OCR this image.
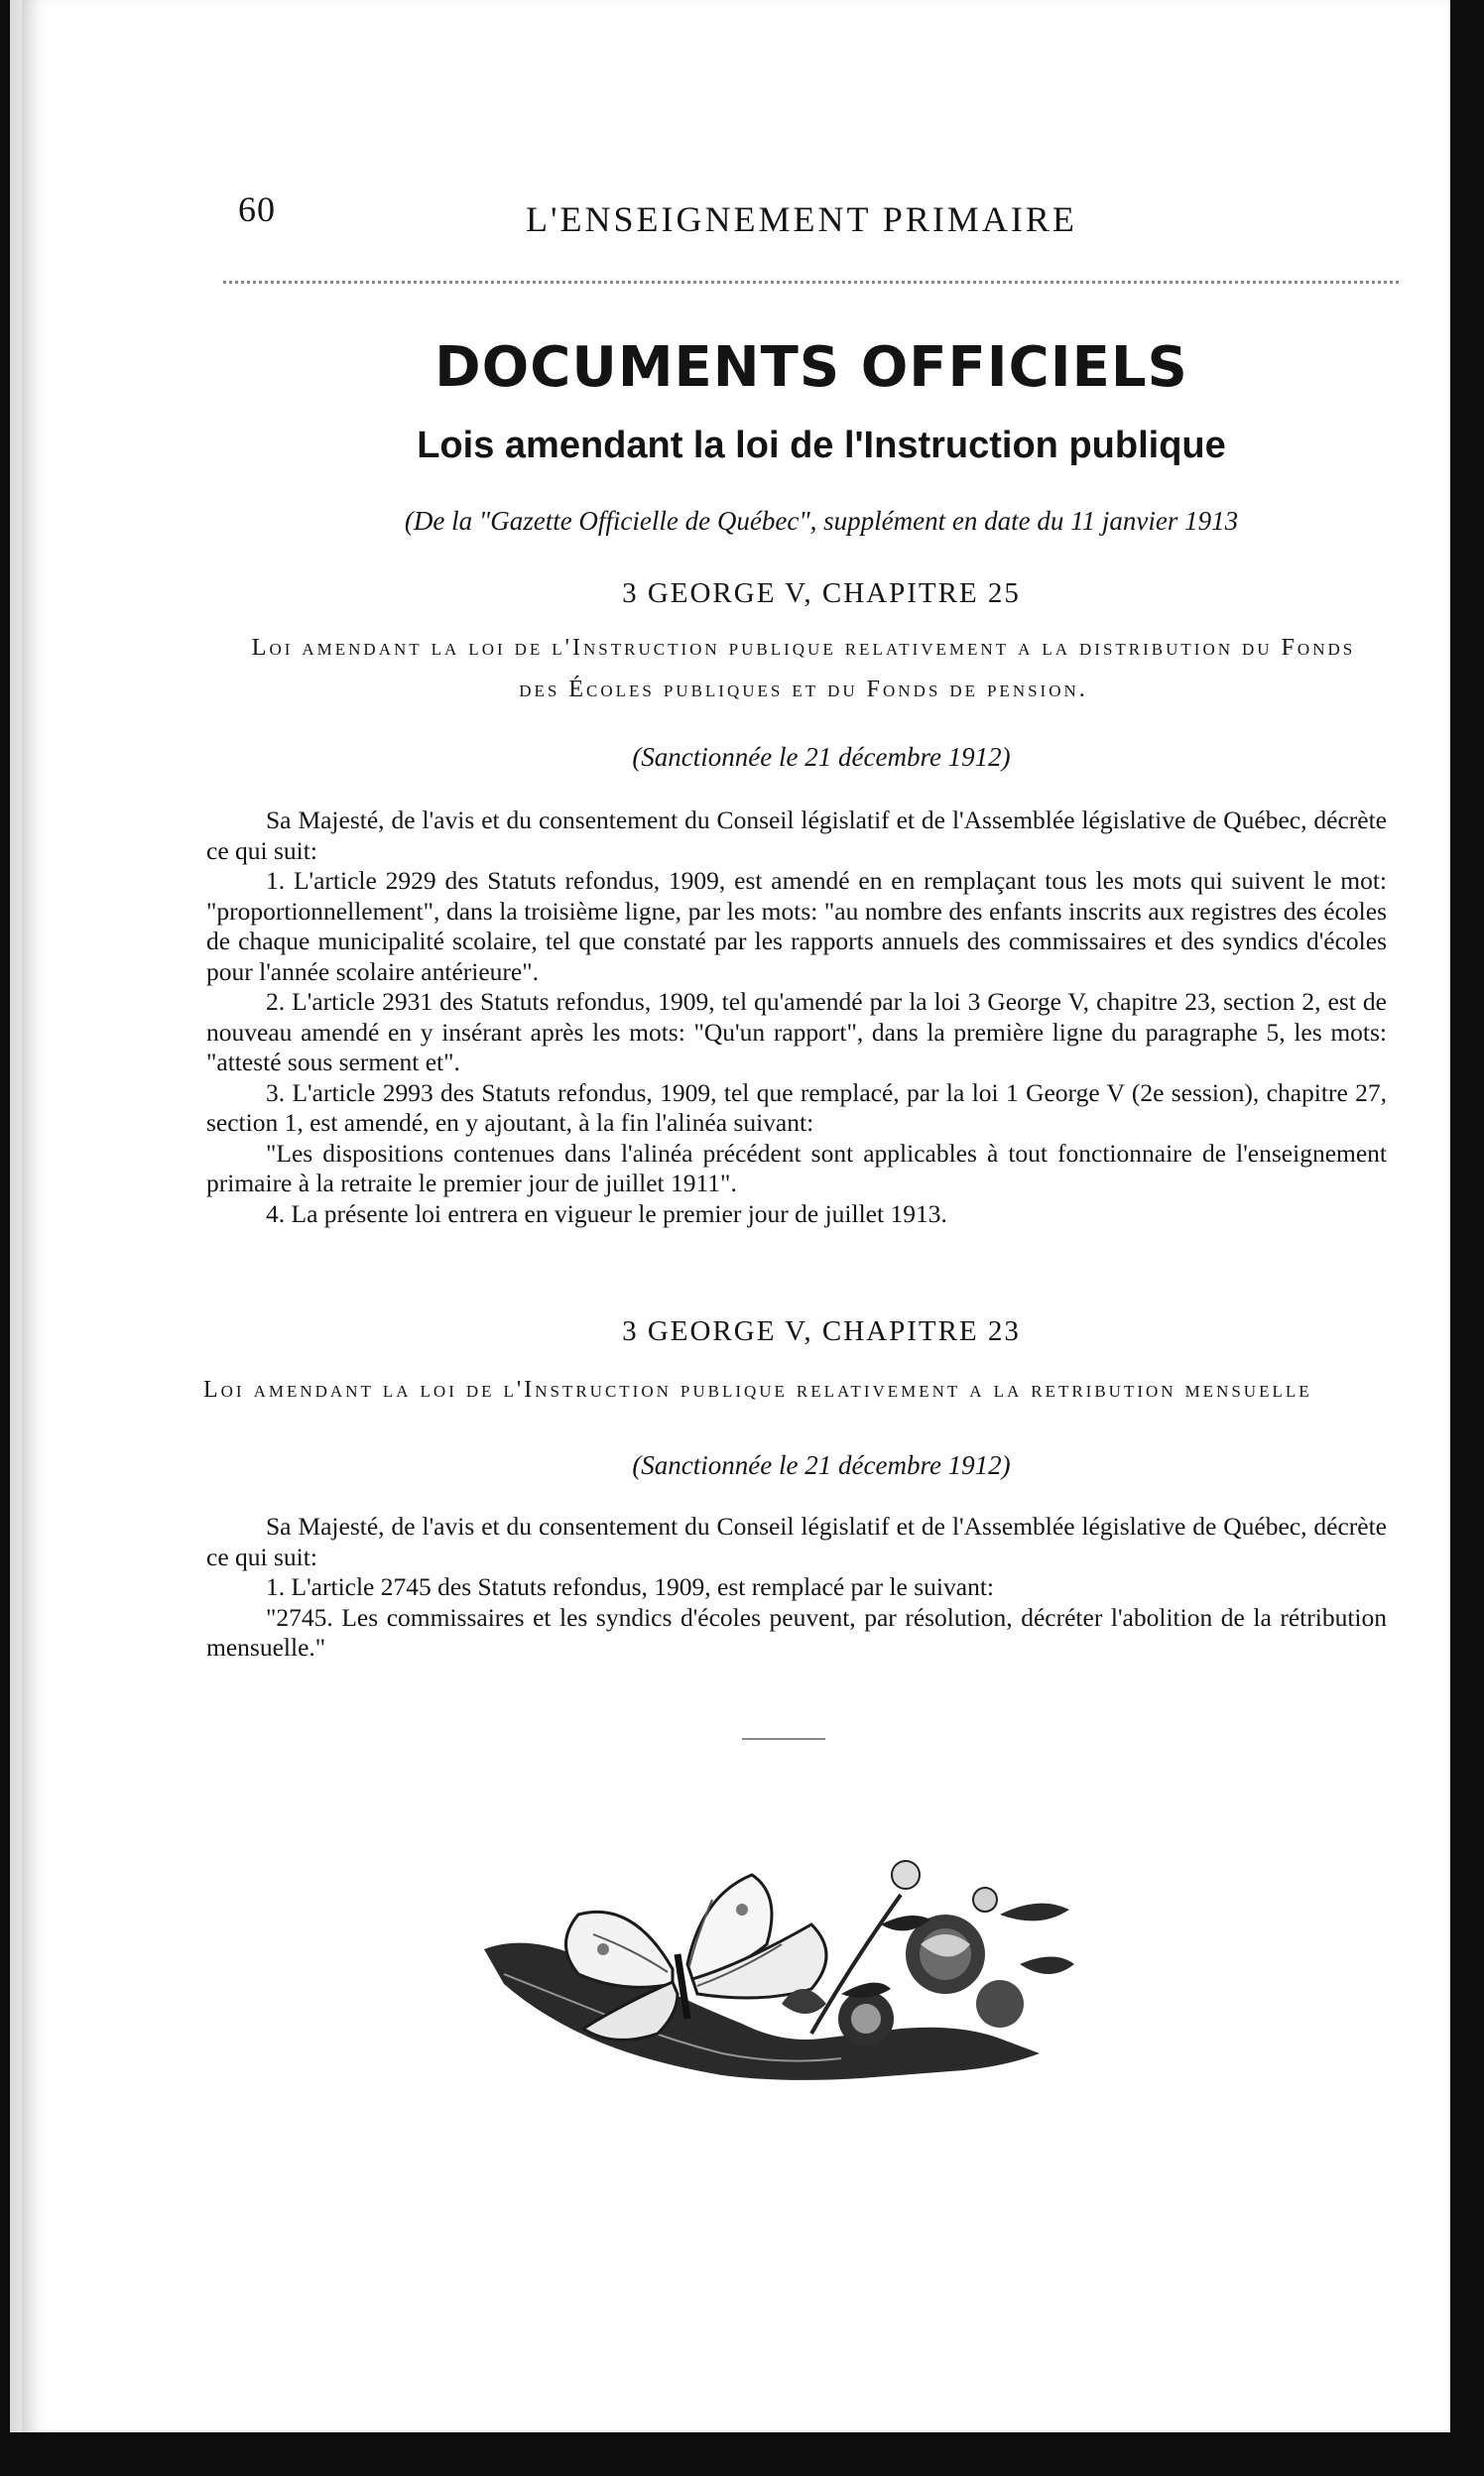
60	L'ENSEIGNEMENT PRIMAIRE
DOCUMENTS OFFICIELS
Lois amendant la loi de l'Instruction publique
(De la "Gazette Officielle de Québec", supplément en date du 11 janvier 1913
3 GEORGE V, CHAPITRE 25
Loi amendant la loi de l'Instruction publique relativement a la distribution du Fonds
des Écoles publiques et du Fonds de pension.
(Sanctionnée le 21 décembre 1912)

Sa Majesté, de l'avis et du consentement du Conseil législatif et de l'Assemblée législative de Québec, décrète ce qui suit:

1. L'article 2929 des Statuts refondus, 1909, est amendé en en remplaçant tous les mots qui suivent le mot: "proportionnellement", dans la troisième ligne, par les mots: "au nombre des enfants inscrits aux registres des écoles de chaque municipalité scolaire, tel que constaté par les rapports annuels des commissaires et des syndics d'écoles pour l'année scolaire antérieure".

2. L'article 2931 des Statuts refondus, 1909, tel qu'amendé par la loi 3 George V, chapitre 23, section 2, est de nouveau amendé en y insérant après les mots: "Qu'un rapport", dans la première ligne du paragraphe 5, les mots: "attesté sous serment et".

3. L'article 2993 des Statuts refondus, 1909, tel que remplacé, par la loi 1 George V (2e session), chapitre 27, section 1, est amendé, en y ajoutant, à la fin l'alinéa suivant:

"Les dispositions contenues dans l'alinéa précédent sont applicables à tout fonctionnaire de l'enseignement primaire à la retraite le premier jour de juillet 1911".

4. La présente loi entrera en vigueur le premier jour de juillet 1913.

3 GEORGE V, CHAPITRE 23
Loi amendant la loi de l'Instruction publique relativement a la retribution mensuelle
(Sanctionnée le 21 décembre 1912)

Sa Majesté, de l'avis et du consentement du Conseil législatif et de l'Assemblée législative de Québec, décrète ce qui suit:

1. L'article 2745 des Statuts refondus, 1909, est remplacé par le suivant:

"2745. Les commissaires et les syndics d'écoles peuvent, par résolution, décréter l'abolition de la rétribution mensuelle."
